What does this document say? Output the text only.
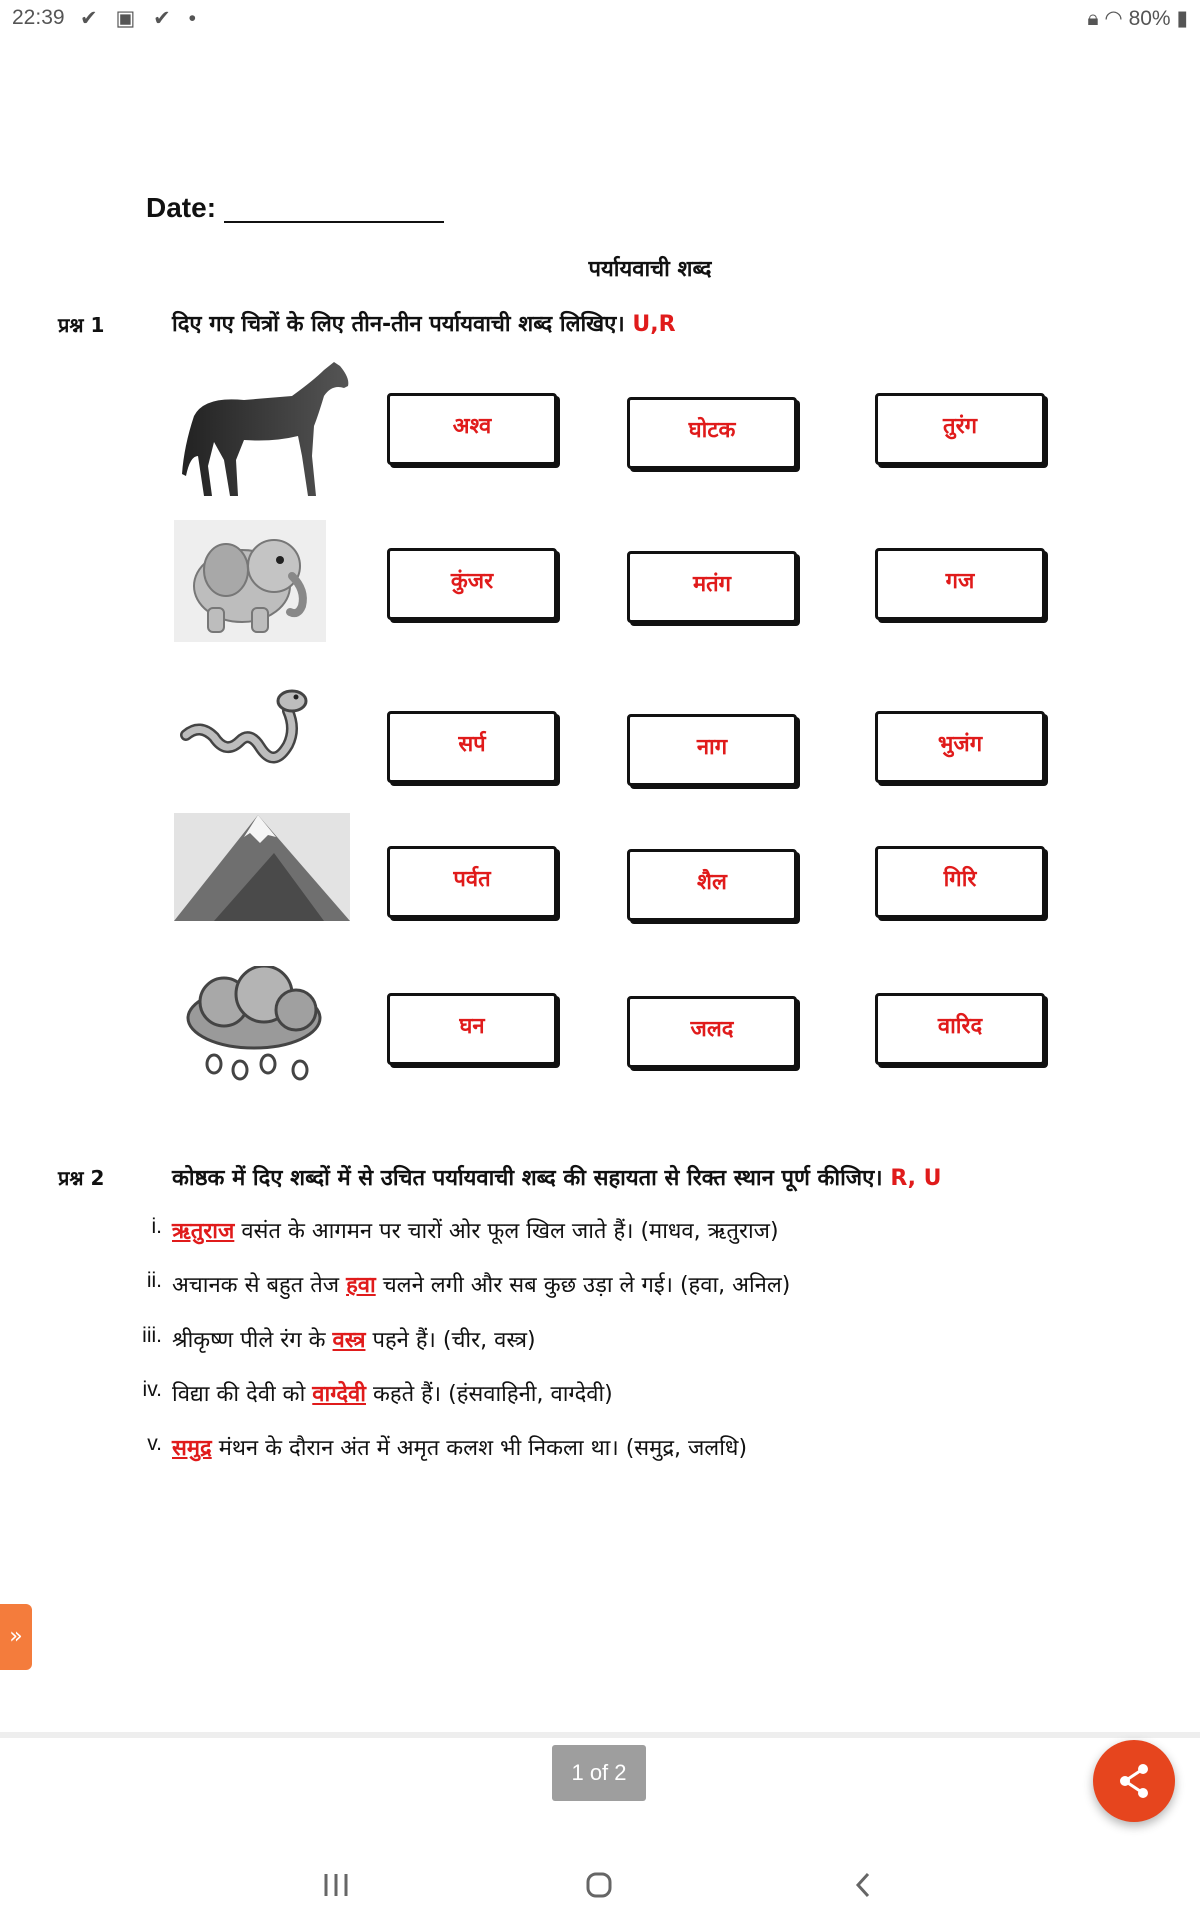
22:39 ✔ ▣ ✔ •	🔒︎ ◠ 80% ▮
Date:
पर्यायवाची शब्द
प्रश्न 1	दिए गए चित्रों के लिए तीन-तीन पर्यायवाची शब्द लिखिए। U,R
अश्व	घोटक	तुरंग
कुंजर	मतंग	गज
सर्प	नाग	भुजंग
पर्वत	शैल	गिरि
घन	जलद	वारिद
प्रश्न 2	कोष्ठक में दिए शब्दों में से उचित पर्यायवाची शब्द की सहायता से रिक्त स्थान पूर्ण कीजिए। R, U
i. ऋतुराज वसंत के आगमन पर चारों ओर फूल खिल जाते हैं। (माधव, ऋतुराज)
ii. अचानक से बहुत तेज हवा चलने लगी और सब कुछ उड़ा ले गई। (हवा, अनिल)
iii. श्रीकृष्ण पीले रंग के वस्त्र पहने हैं। (चीर, वस्त्र)
iv. विद्या की देवी को वाग्देवी कहते हैं। (हंसवाहिनी, वाग्देवी)
v. समुद्र मंथन के दौरान अंत में अमृत कलश भी निकला था। (समुद्र, जलधि)
»
1 of 2
